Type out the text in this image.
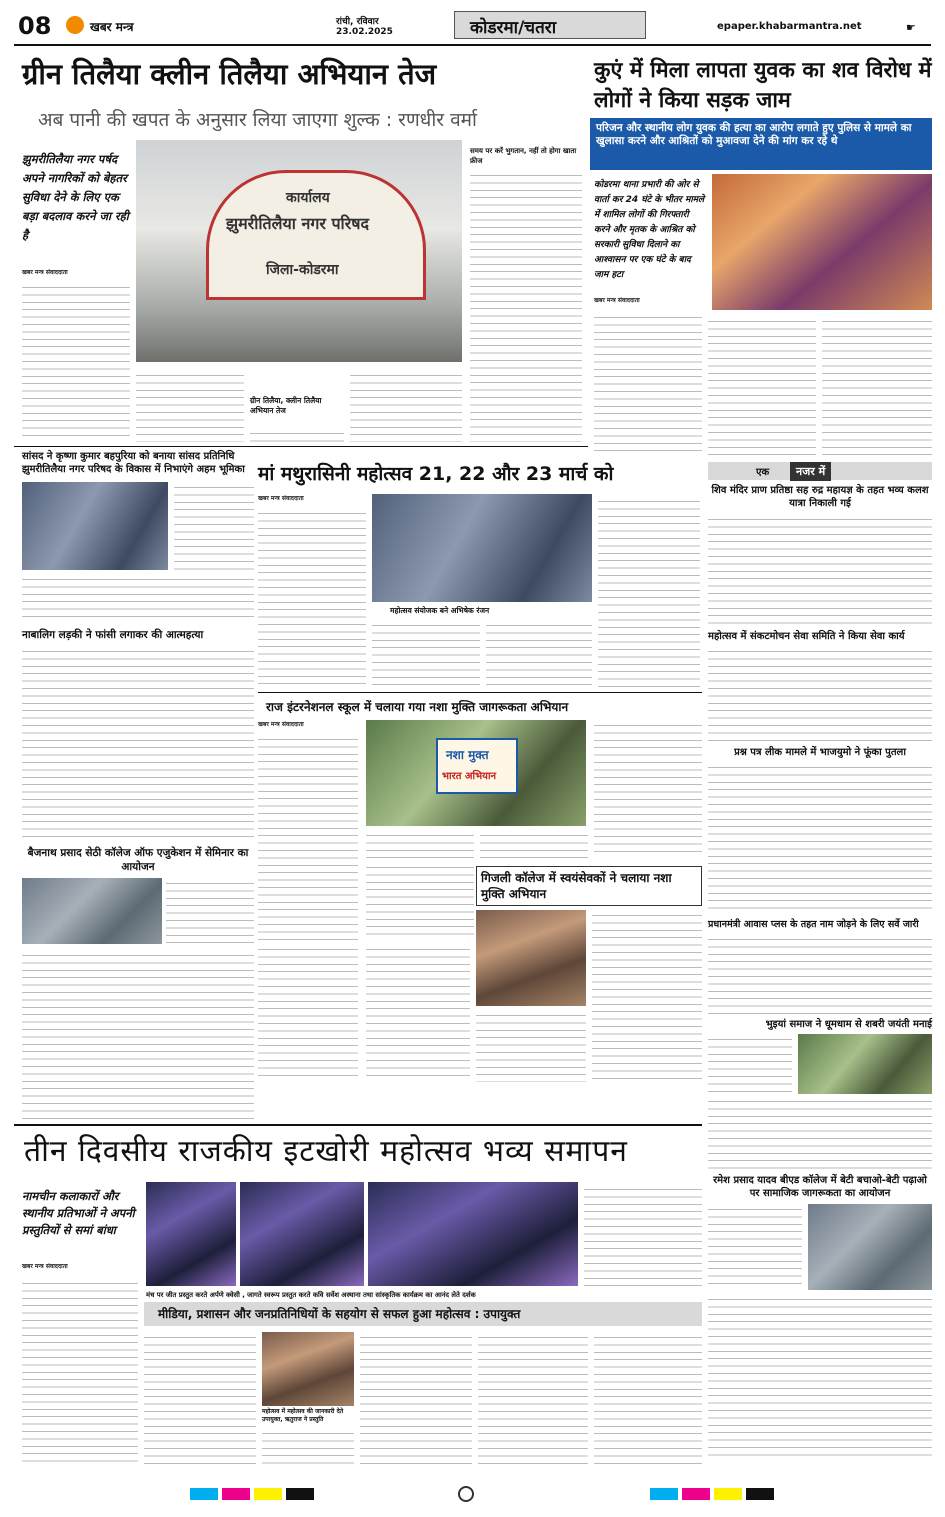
08	खबर मन्त्र	रांची, रविवार
23.02.2025	कोडरमा/चतरा	epaper.khabarmantra.net	☛
ग्रीन तिलैया क्लीन तिलैया अभियान तेज
अब पानी की खपत के अनुसार लिया जाएगा शुल्क : रणधीर वर्मा
झुमरीतिलैया नगर पर्षद अपने नागरिकों को बेहतर सुविधा देने के लिए एक बड़ा बदलाव करने जा रही है
खबर मन्त्र संवाददाता
कार्यालय
झुमरीतिलैया नगर परिषद
जिला-कोडरमा
ग्रीन तिलैया, क्लीन तिलैया अभियान तेज
समय पर करें भुगतान, नहीं तो होगा खाता फ्रीज
कुएं में मिला लापता युवक का शव विरोध में लोगों ने किया सड़क जाम
परिजन और स्थानीय लोग युवक की हत्या का आरोप लगाते हुए पुलिस से मामले का खुलासा करने और आश्रितों को मुआवजा देने की मांग कर रहे थे
कोडरमा थाना प्रभारी की ओर से वार्ता कर 24 घंटे के भीतर मामले में शामिल लोगों की गिरफ्तारी करने और मृतक के आश्रित को सरकारी सुविधा दिलाने का आश्वासन पर एक घंटे के बाद जाम हटा
खबर मन्त्र संवाददाता
सांसद ने कृष्णा कुमार बहपुरिया को बनाया सांसद प्रतिनिधि झुमरीतिलैया नगर परिषद के विकास में निभाएंगे अहम भूमिका
नाबालिग लड़की ने फांसी लगाकर की आत्महत्या
बैजनाथ प्रसाद सेठी कॉलेज ऑफ एजुकेशन में सेमिनार का आयोजन
मां मथुरासिनी महोत्सव 21, 22 और 23 मार्च को
खबर मन्त्र संवाददाता
महोत्सव संयोजक बने अभिषेक रंजन
राज इंटरनेशनल स्कूल में चलाया गया नशा मुक्ति जागरूकता अभियान
खबर मन्त्र संवाददाता
नशा मुक्त
भारत अभियान
गिजली कॉलेज में स्वयंसेवकों ने चलाया नशा मुक्ति अभियान
एक	नजर में
शिव मंदिर प्राण प्रतिष्ठा सह रुद्र महायज्ञ के तहत भव्य कलश यात्रा निकाली गई
महोत्सव में संकटमोचन सेवा समिति ने किया सेवा कार्य
प्रश्न पत्र लीक मामले में भाजयुमो ने फूंका पुतला
प्रधानमंत्री आवास प्लस के तहत नाम जोड़ने के लिए सर्वे जारी
भुइयां समाज ने धूमधाम से शबरी जयंती मनाई
रमेश प्रसाद यादव बीएड कॉलेज में बेटी बचाओ-बेटी पढ़ाओ पर सामाजिक जागरूकता का आयोजन
तीन दिवसीय राजकीय इटखोरी महोत्सव भव्य समापन
नामचीन कलाकारों और स्थानीय प्रतिभाओं ने अपनी प्रस्तुतियों से समां बांधा
खबर मन्त्र संवाददाता
मंच पर जीत प्रस्तुत करते अर्पणे क्वेसी , जागते स्वरूप प्रस्तुत करते कवि सर्वेश अस्थाना तथा सांस्कृतिक कार्यक्रम का आनंद लेते दर्शक
मीडिया, प्रशासन और जनप्रतिनिधियों के सहयोग से सफल हुआ महोत्सव : उपायुक्त
महोत्सव में महोत्सव की जानकारी देते उपायुक्त, ऋतुराज ने प्रस्तुति
